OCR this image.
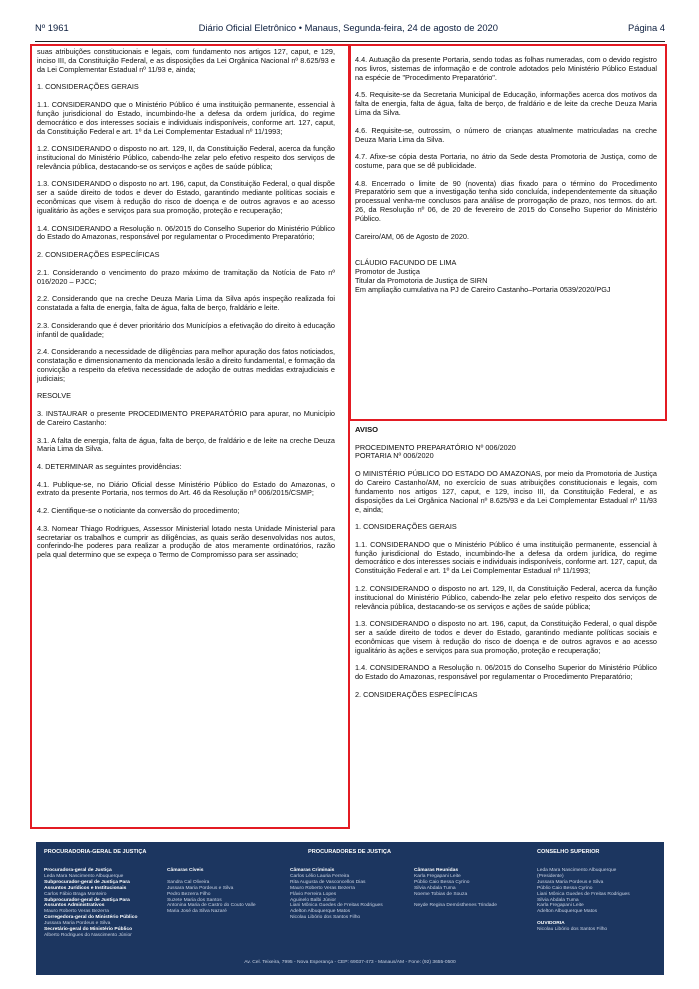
Nº 1961	Diário Oficial Eletrônico • Manaus, Segunda-feira, 24 de agosto de 2020	Página 4

suas atribuições constitucionais e legais, com fundamento nos artigos 127, caput, e 129, inciso III, da Constituição Federal, e as disposições da Lei Orgânica Nacional nº 8.625/93 e da Lei Complementar Estadual nº 11/93 e, ainda;

1. CONSIDERAÇÕES GERAIS

1.1. CONSIDERANDO que o Ministério Público é uma instituição permanente, essencial à função jurisdicional do Estado, incumbindo-lhe a defesa da ordem jurídica, do regime democrático e dos interesses sociais e individuais indisponíveis, conforme art. 127, caput, da Constituição Federal e art. 1º da Lei Complementar Estadual nº 11/1993;

1.2. CONSIDERANDO o disposto no art. 129, II, da Constituição Federal, acerca da função institucional do Ministério Público, cabendo-lhe zelar pelo efetivo respeito dos serviços de relevância pública, destacando-se os serviços e ações de saúde pública;

1.3. CONSIDERANDO o disposto no art. 196, caput, da Constituição Federal, o qual dispõe ser a saúde direito de todos e dever do Estado, garantindo mediante políticas sociais e econômicas que visem à redução do risco de doença e de outros agravos e ao acesso igualitário às ações e serviços para sua promoção, proteção e recuperação;

1.4. CONSIDERANDO a Resolução n. 06/2015 do Conselho Superior do Ministério Público do Estado do Amazonas, responsável por regulamentar o Procedimento Preparatório;

2. CONSIDERAÇÕES ESPECÍFICAS

2.1. Considerando o vencimento do prazo máximo de tramitação da Notícia de Fato nº 016/2020 – PJCC;

2.2. Considerando que na creche Deuza Maria Lima da Silva após inspeção realizada foi constatada a falta de energia, falta de água, falta de berço, fraldário e leite.

2.3. Considerando que é dever prioritário dos Municípios a efetivação do direito à educação infantil de qualidade;

2.4. Considerando a necessidade de diligências para melhor apuração dos fatos noticiados, constatação e dimensionamento da mencionada lesão a direito fundamental, e formação da convicção a respeito da efetiva necessidade de adoção de outras medidas extrajudiciais e judiciais;

RESOLVE

3. INSTAURAR o presente PROCEDIMENTO PREPARATÓRIO para apurar, no Município de Careiro Castanho:

3.1. A falta de energia, falta de água, falta de berço, de fraldário e de leite na creche Deuza Maria Lima da Silva.

4. DETERMINAR as seguintes providências:

4.1. Publique-se, no Diário Oficial desse Ministério Público do Estado do Amazonas, o extrato da presente Portaria, nos termos do Art. 46 da Resolução nº 006/2015/CSMP;

4.2. Cientifique-se o noticiante da conversão do procedimento;

4.3. Nomear Thiago Rodrigues, Assessor Ministerial lotado nesta Unidade Ministerial para secretariar os trabalhos e cumprir as diligências, as quais serão desenvolvidas nos autos, conferindo-lhe poderes para realizar a produção de atos meramente ordinatórios, razão pela qual determino que se expeça o Termo de Compromisso para ser assinado;

4.4. Autuação da presente Portaria, sendo todas as folhas numeradas, com o devido registro nos livros, sistemas de informação e de controle adotados pelo Ministério Público Estadual na espécie de "Procedimento Preparatório".

4.5. Requisite-se da Secretaria Municipal de Educação, informações acerca dos motivos da falta de energia, falta de água, falta de berço, de fraldário e de leite da creche Deuza Maria Lima da Silva.

4.6. Requisite-se, outrossim, o número de crianças atualmente matriculadas na creche Deuza Maria Lima da Silva.

4.7. Afixe-se cópia desta Portaria, no átrio da Sede desta Promotoria de Justiça, como de costume, para que se dê publicidade.

4.8. Encerrado o limite de 90 (noventa) dias fixado para o término do Procedimento Preparatório sem que a investigação tenha sido concluída, independentemente da situação processual venha-me conclusos para análise de prorrogação de prazo, nos termos. do art. 26, da Resolução nº 06, de 20 de fevereiro de 2015 do Conselho Superior do Ministério Público.

Careiro/AM, 06 de Agosto de 2020.

CLÁUDIO FACUNDO DE LIMA

Promotor de Justiça

Titular da Promotoria de Justiça de SIRN

Em ampliação cumulativa na PJ de Careiro Castanho–Portaria 0539/2020/PGJ

AVISO

PROCEDIMENTO PREPARATÓRIO Nº 006/2020

PORTARIA Nº 006/2020

O MINISTÉRIO PÚBLICO DO ESTADO DO AMAZONAS, por meio da Promotoria de Justiça do Careiro Castanho/AM, no exercício de suas atribuições constitucionais e legais, com fundamento nos artigos 127, caput, e 129, inciso III, da Constituição Federal, e as disposições da Lei Orgânica Nacional nº 8.625/93 e da Lei Complementar Estadual nº 11/93 e, ainda;

1. CONSIDERAÇÕES GERAIS

1.1. CONSIDERANDO que o Ministério Público é uma instituição permanente, essencial à função jurisdicional do Estado, incumbindo-lhe a defesa da ordem jurídica, do regime democrático e dos interesses sociais e individuais indisponíveis, conforme art. 127, caput, da Constituição Federal e art. 1º da Lei Complementar Estadual nº 11/1993;

1.2. CONSIDERANDO o disposto no art. 129, II, da Constituição Federal, acerca da função institucional do Ministério Público, cabendo-lhe zelar pelo efetivo respeito dos serviços de relevância pública, destacando-se os serviços e ações de saúde pública;

1.3. CONSIDERANDO o disposto no art. 196, caput, da Constituição Federal, o qual dispõe ser a saúde direito de todos e dever do Estado, garantindo mediante políticas sociais e econômicas que visem à redução do risco de doença e de outros agravos e ao acesso igualitário às ações e serviços para sua promoção, proteção e recuperação;

1.4. CONSIDERANDO a Resolução n. 06/2015 do Conselho Superior do Ministério Público do Estado do Amazonas, responsável por regulamentar o Procedimento Preparatório;

2. CONSIDERAÇÕES ESPECÍFICAS

PROCURADORIA-GERAL DE JUSTIÇA	PROCURADORES DE JUSTIÇA	CONSELHO SUPERIOR
Procuradora-geral de Justiça
Leda Mara Nascimento Albuquerque
Subprocurador-geral de Justiça Para
Assuntos Jurídicos e Institucionais
Carlos Fábio Braga Monteiro
Subprocurador-geral de Justiça Para
Assuntos Administrativos
Mauro Roberto Veras Bezerra
Corregedora-geral do Ministério Público
Jussara Maria Pordeus e Silva
Secretário-geral do Ministério Público
Alberto Rodrigues do Nascimento Júnior
Câmaras Cíveis
Sandra Cal Oliveira
Jussara Maria Pordeus e Silva
Pedro Bezerra Filho
Suzete Maria dos Santos
Antonina Maria de Castro do Couto Valle
Maria José da Silva Nazaré
Câmaras Criminais
Carlos Lélio Lauria Ferreira
Rita Augusta de Vasconcellos Dias
Mauro Roberto Veras Bezerra
Flávio Ferreira Lopes
Aguinelo Balbi Júnior
Liani Mônica Guedes de Freitas Rodrigues
Adelton Albuquerque Matos
Nicolau Libório dos Santos Filho
Câmaras Reunidas
Karla Fregapani Leite
Públio Caio Bessa Cyrino
Silvia Abdala Tuma
Noeme Tobias de Souza
Neyde Regina Demósthenes Trindade
Leda Mara Nascimento Albuquerque
(Presidente)
Jussara Maria Pordeus e Silva
Públio Caio Bessa Cyrino
Liani Mônica Guedes de Freitas Rodrigues
Silvia Abdala Tuma
Karla Fregapani Leite
Adelton Albuquerque Matos
OUVIDORIA
Nicolau Libório dos Santos Filho
Av. Cel. Teixeira, 7995 - Nova Esperança - CEP: 69037-473 - Manaus/AM - Fone: (92) 3655-0500
